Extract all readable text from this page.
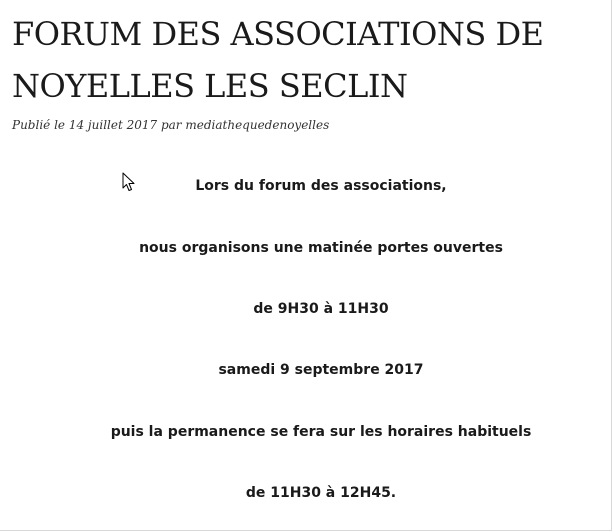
FORUM DES ASSOCIATIONS DE NOYELLES LES SECLIN
Publié le 14 juillet 2017 par mediathequedenoyelles
Lors du forum des associations,
nous organisons une matinée portes ouvertes
de 9H30 à 11H30
samedi 9 septembre 2017
puis la permanence se fera sur les horaires habituels
de 11H30 à 12H45.
